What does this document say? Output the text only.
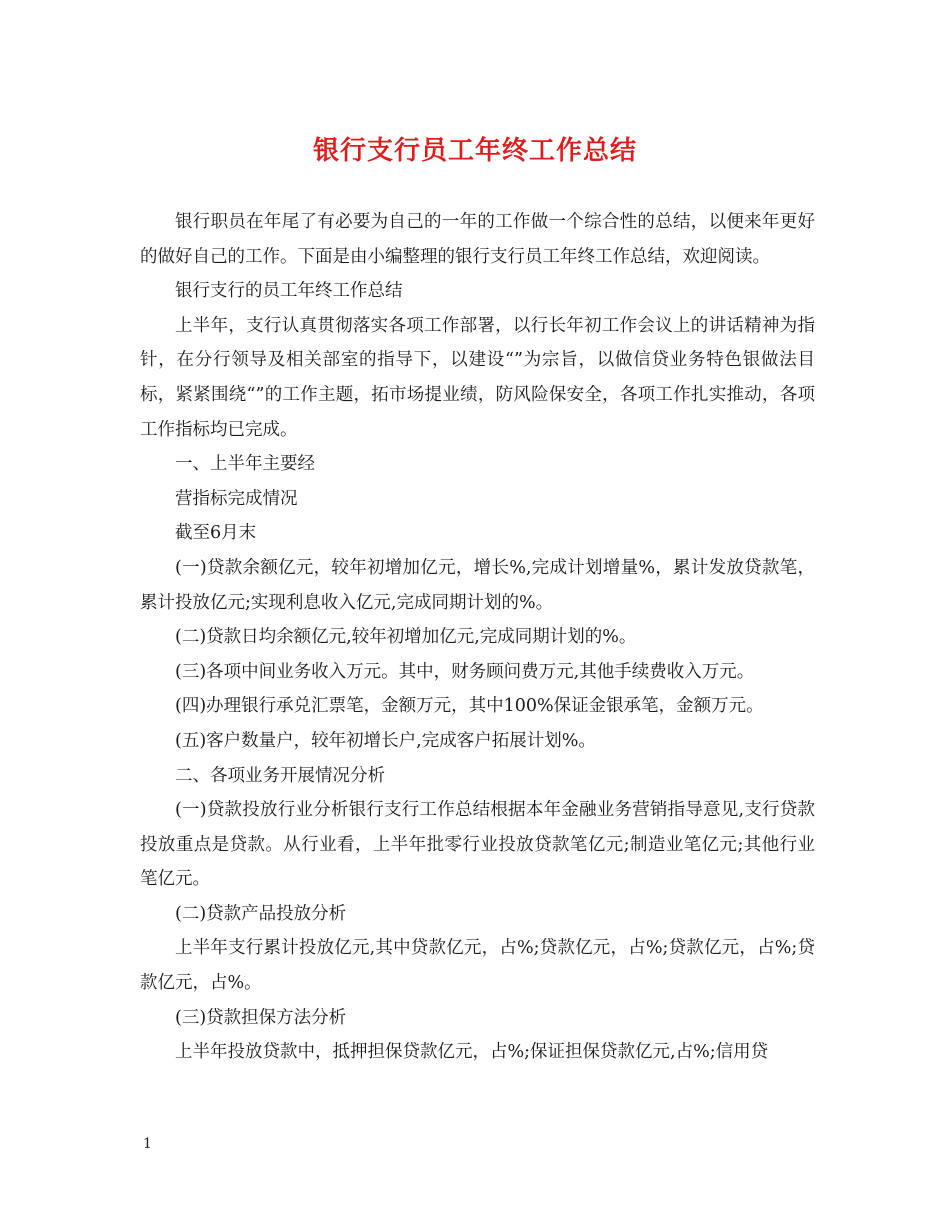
银行支行员工年终工作总结

银行职员在年尾了有必要为自己的一年的工作做一个综合性的总结，以便来年更好的做好自己的工作。下面是由小编整理的银行支行员工年终工作总结，欢迎阅读。

银行支行的员工年终工作总结

上半年，支行认真贯彻落实各项工作部署，以行长年初工作会议上的讲话精神为指针，在分行领导及相关部室的指导下，以建设“”为宗旨，以做信贷业务特色银做法目标，紧紧围绕“”的工作主题，拓市场提业绩，防风险保安全，各项工作扎实推动，各项工作指标均已完成。

一、上半年主要经

营指标完成情况

截至6月末

(一)贷款余额亿元，较年初增加亿元，增长%,完成计划增量%，累计发放贷款笔，累计投放亿元;实现利息收入亿元,完成同期计划的%。

(二)贷款日均余额亿元,较年初增加亿元,完成同期计划的%。

(三)各项中间业务收入万元。其中，财务顾问费万元,其他手续费收入万元。

(四)办理银行承兑汇票笔，金额万元，其中100%保证金银承笔，金额万元。

(五)客户数量户，较年初增长户,完成客户拓展计划%。

二、各项业务开展情况分析

(一)贷款投放行业分析银行支行工作总结根据本年金融业务营销指导意见,支行贷款投放重点是贷款。从行业看，上半年批零行业投放贷款笔亿元;制造业笔亿元;其他行业笔亿元。

(二)贷款产品投放分析

上半年支行累计投放亿元,其中贷款亿元，占%;贷款亿元，占%;贷款亿元，占%;贷款亿元，占%。

(三)贷款担保方法分析

上半年投放贷款中，抵押担保贷款亿元，占%;保证担保贷款亿元,占%;信用贷

1
